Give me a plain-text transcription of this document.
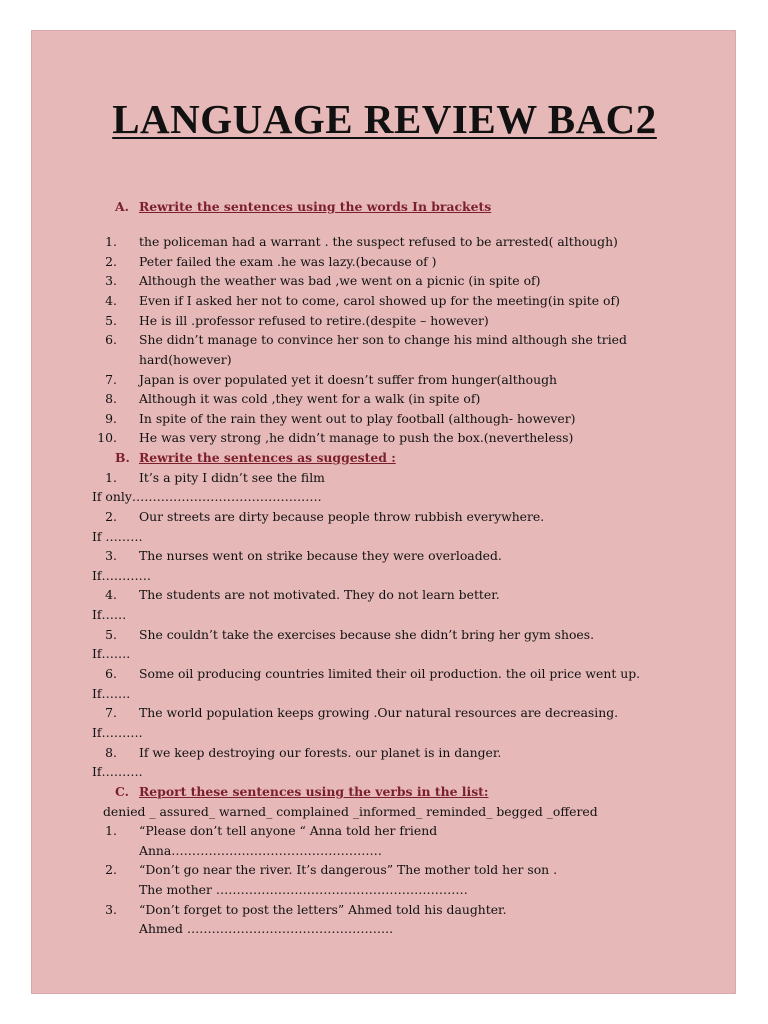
LANGUAGE REVIEW BAC2
A. Rewrite the sentences using the words In brackets
1. the policeman had a warrant . the suspect refused to be arrested( although)
2. Peter failed the exam .he was lazy.(because of )
3. Although the weather was bad ,we went on a picnic (in spite of)
4. Even if I asked her not to come, carol showed up for the meeting(in spite of)
5. He is ill .professor refused to retire.(despite – however)
6. She didn’t manage to convince her son to change his mind although she tried
hard(however)
7. Japan is over populated yet it doesn’t suffer from hunger(although
8. Although it was cold ,they went for a walk (in spite of)
9. In spite of the rain they went out to play football (although- however)
10. He was very strong ,he didn’t manage to push the box.(nevertheless)
B. Rewrite the sentences as suggested :
1. It’s a pity I didn’t see the film
If only……………………………………….
2. Our streets are dirty because people throw rubbish everywhere.
If ………
3. The nurses went on strike because they were overloaded.
If…………
4. The students are not motivated. They do not learn better.
If……
5. She couldn’t take the exercises because she didn’t bring her gym shoes.
If…….
6. Some oil producing countries limited their oil production. the oil price went up.
If…….
7. The world population keeps growing .Our natural resources are decreasing.
If……….
8. If we keep destroying our forests. our planet is in danger.
If……….
C. Report these sentences using the verbs in the list:
denied _ assured_ warned_ complained _informed_ reminded_ begged _offered
1. “Please don’t tell anyone “ Anna told her friend
Anna……………………………………………
2. “Don’t go near the river. It’s dangerous” The mother told her son .
The mother …………………………………………………….
3. “Don’t forget to post the letters” Ahmed told his daughter.
Ahmed …………………………………………..
